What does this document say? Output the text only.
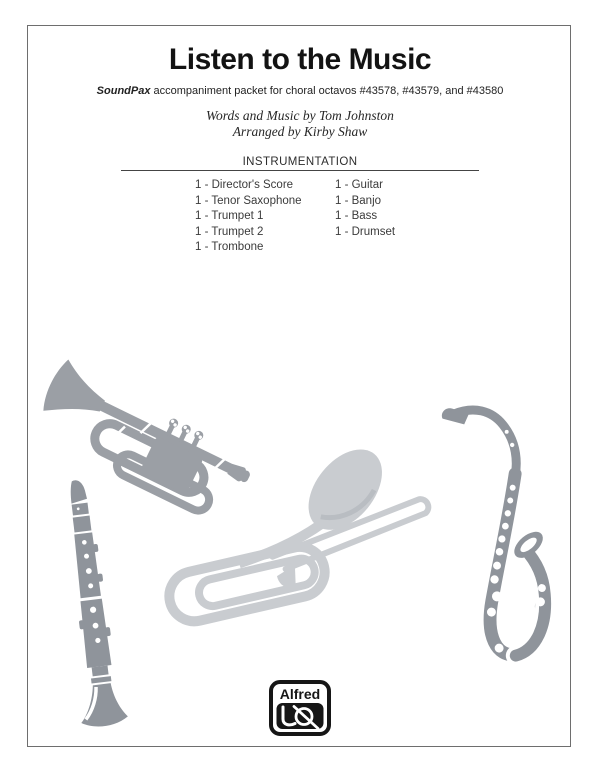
Listen to the Music

SoundPax accompaniment packet for choral octavos #43578, #43579, and #43580

Words and Music by Tom Johnston
Arranged by Kirby Shaw
INSTRUMENTATION
1 - Director's Score
1 - Tenor Saxophone
1 - Trumpet 1
1 - Trumpet 2
1 - Trombone
1 - Guitar
1 - Banjo
1 - Bass
1 - Drumset
Alfred
